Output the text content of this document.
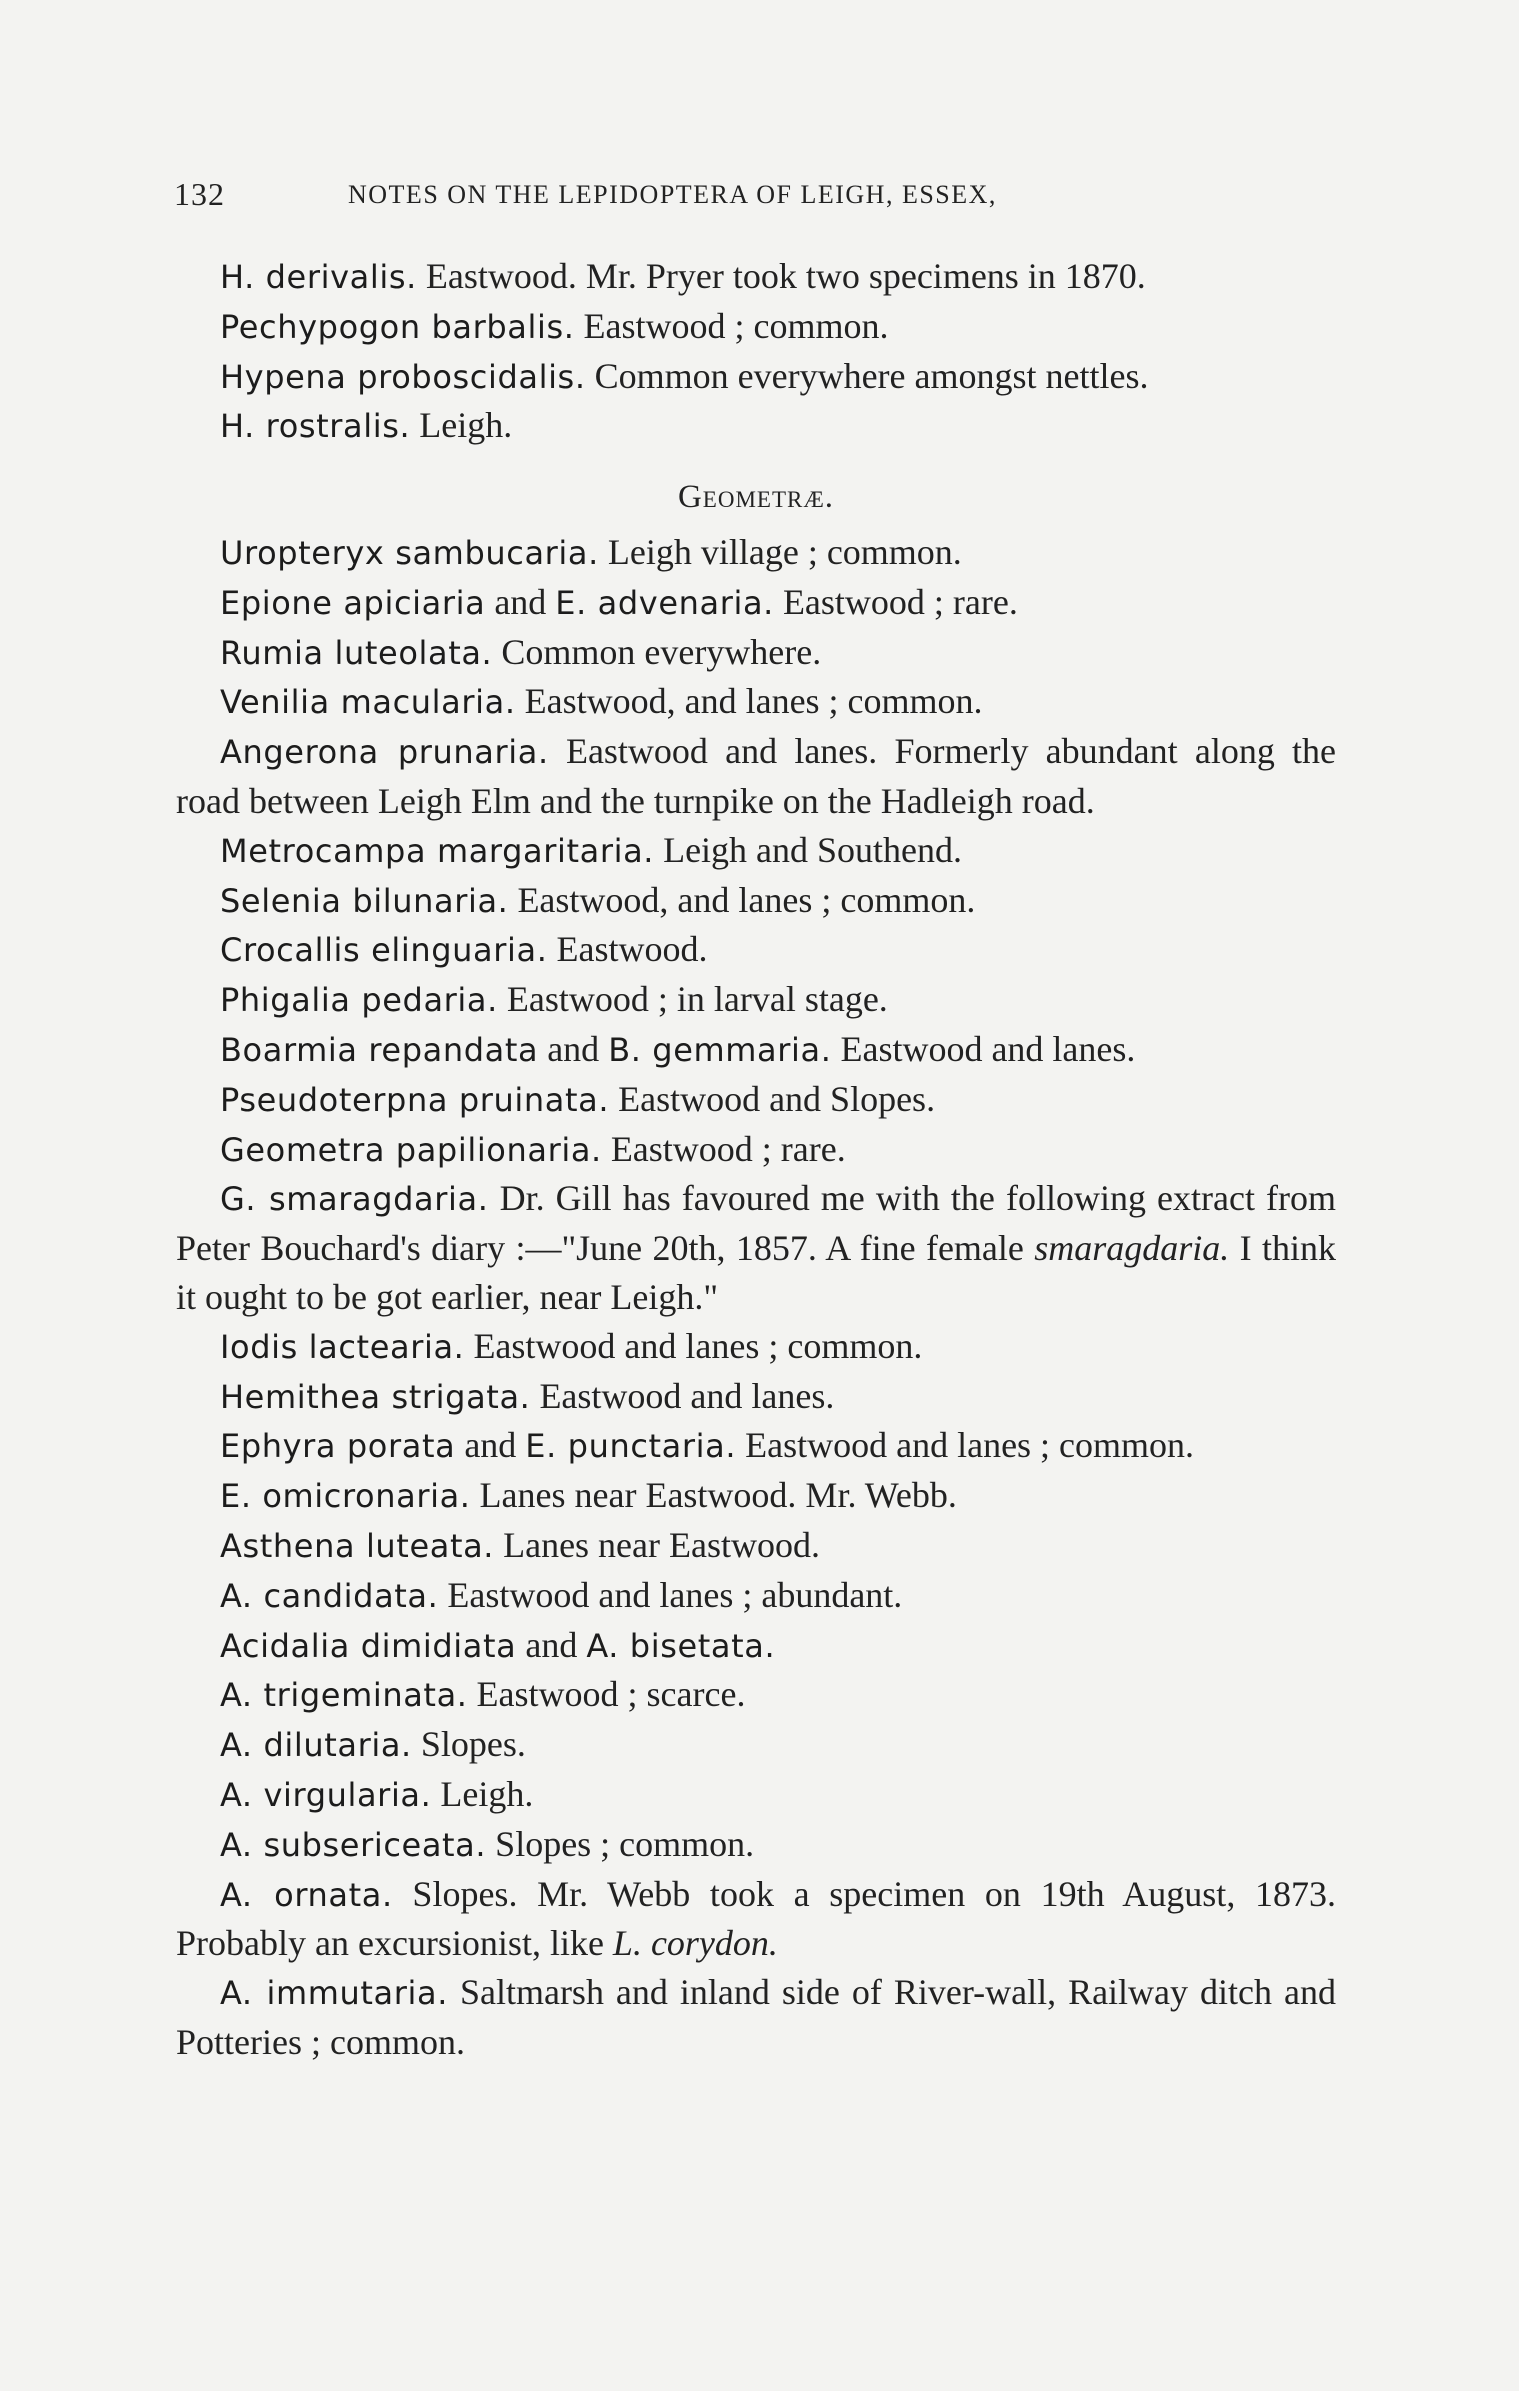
132	NOTES ON THE LEPIDOPTERA OF LEIGH, ESSEX,

H. derivalis. Eastwood. Mr. Pryer took two specimens in 1870.

Pechypogon barbalis. Eastwood ; common.

Hypena proboscidalis. Common everywhere amongst nettles.

H. rostralis. Leigh.

Geometræ.

Uropteryx sambucaria. Leigh village ; common.

Epione apiciaria and E. advenaria. Eastwood ; rare.

Rumia luteolata. Common everywhere.

Venilia macularia. Eastwood, and lanes ; common.

Angerona prunaria. Eastwood and lanes. Formerly abundant along the road between Leigh Elm and the turnpike on the Hadleigh road.

Metrocampa margaritaria. Leigh and Southend.

Selenia bilunaria. Eastwood, and lanes ; common.

Crocallis elinguaria. Eastwood.

Phigalia pedaria. Eastwood ; in larval stage.

Boarmia repandata and B. gemmaria. Eastwood and lanes.

Pseudoterpna pruinata. Eastwood and Slopes.

Geometra papilionaria. Eastwood ; rare.

G. smaragdaria. Dr. Gill has favoured me with the following extract from Peter Bouchard's diary :—"June 20th, 1857. A fine female smaragdaria. I think it ought to be got earlier, near Leigh."

Iodis lactearia. Eastwood and lanes ; common.

Hemithea strigata. Eastwood and lanes.

Ephyra porata and E. punctaria. Eastwood and lanes ; common.

E. omicronaria. Lanes near Eastwood. Mr. Webb.

Asthena luteata. Lanes near Eastwood.

A. candidata. Eastwood and lanes ; abundant.

Acidalia dimidiata and A. bisetata.

A. trigeminata. Eastwood ; scarce.

A. dilutaria. Slopes.

A. virgularia. Leigh.

A. subsericeata. Slopes ; common.

A. ornata. Slopes. Mr. Webb took a specimen on 19th August, 1873. Probably an excursionist, like L. corydon.

A. immutaria. Saltmarsh and inland side of River-wall, Railway ditch and Potteries ; common.
